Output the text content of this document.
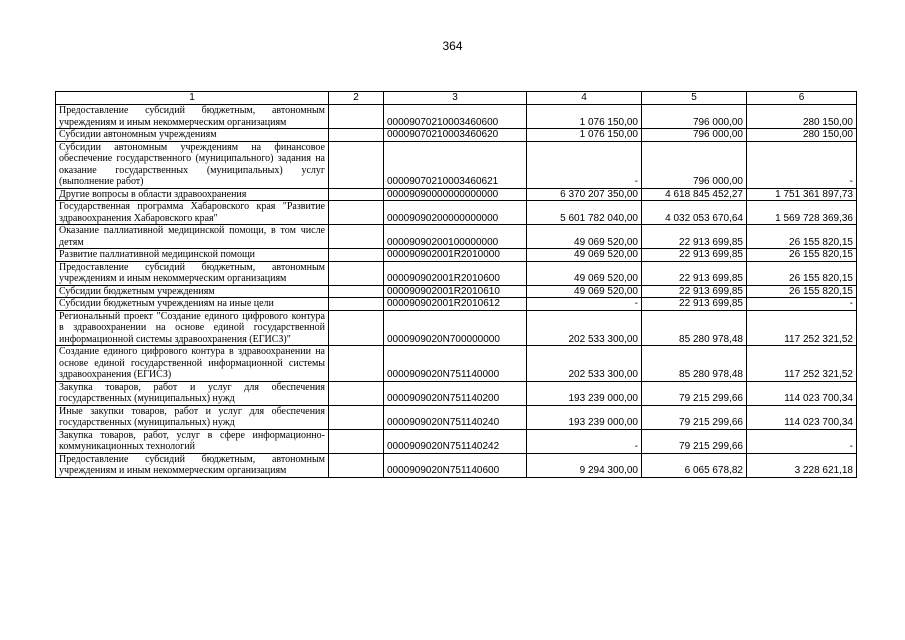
364
1	2	3	4	5	6
Предоставление субсидий бюджетным, автономным учреждениям и иным некоммерческим организациям		00009070210003460600	1 076 150,00	796 000,00	280 150,00
Субсидии автономным учреждениям		00009070210003460620	1 076 150,00	796 000,00	280 150,00
Субсидии автономным учреждениям на финансовое обеспечение государственного (муниципального) задания на оказание государственных (муниципальных) услуг (выполнение работ)		00009070210003460621	-	796 000,00	-
Другие вопросы в области здравоохранения		00009090000000000000	6 370 207 350,00	4 618 845 452,27	1 751 361 897,73
Государственная программа Хабаровского края "Развитие здравоохранения Хабаровского края"		00009090200000000000	5 601 782 040,00	4 032 053 670,64	1 569 728 369,36
Оказание паллиативной медицинской помощи, в том числе детям		00009090200100000000	49 069 520,00	22 913 699,85	26 155 820,15
Развитие паллиативной медицинской помощи		000090902001R2010000	49 069 520,00	22 913 699,85	26 155 820,15
Предоставление субсидий бюджетным, автономным учреждениям и иным некоммерческим организациям		000090902001R2010600	49 069 520,00	22 913 699,85	26 155 820,15
Субсидии бюджетным учреждениям		000090902001R2010610	49 069 520,00	22 913 699,85	26 155 820,15
Субсидии бюджетным учреждениям на иные цели		000090902001R2010612	-	22 913 699,85	-
Региональный проект "Создание единого цифрового контура в здравоохранении на основе единой государственной информационной системы здравоохранения (ЕГИСЗ)"		0000909020N700000000	202 533 300,00	85 280 978,48	117 252 321,52
Создание единого цифрового контура в здравоохранении на основе единой государственной информационной системы здравоохранения (ЕГИСЗ)		0000909020N751140000	202 533 300,00	85 280 978,48	117 252 321,52
Закупка товаров, работ и услуг для обеспечения государственных (муниципальных) нужд		0000909020N751140200	193 239 000,00	79 215 299,66	114 023 700,34
Иные закупки товаров, работ и услуг для обеспечения государственных (муниципальных) нужд		0000909020N751140240	193 239 000,00	79 215 299,66	114 023 700,34
Закупка товаров, работ, услуг в сфере информационно-коммуникационных технологий		0000909020N751140242	-	79 215 299,66	-
Предоставление субсидий бюджетным, автономным учреждениям и иным некоммерческим организациям		0000909020N751140600	9 294 300,00	6 065 678,82	3 228 621,18
